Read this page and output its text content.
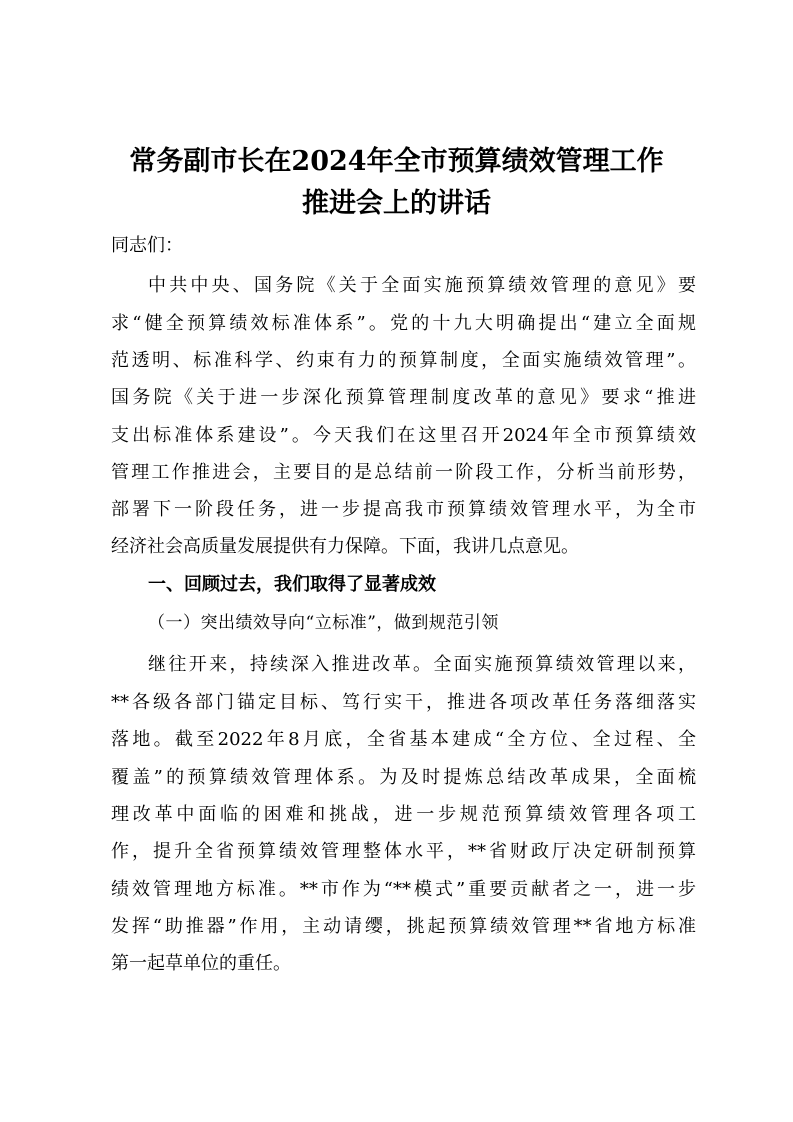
常务副市长在2024年全市预算绩效管理工作
推进会上的讲话
同志们：
中共中央、国务院《关于全面实施预算绩效管理的意见》要
求“健全预算绩效标准体系”。党的十九大明确提出“建立全面规
范透明、标准科学、约束有力的预算制度，全面实施绩效管理”。
国务院《关于进一步深化预算管理制度改革的意见》要求“推进
支出标准体系建设”。今天我们在这里召开2024年全市预算绩效
管理工作推进会，主要目的是总结前一阶段工作，分析当前形势，
部署下一阶段任务，进一步提高我市预算绩效管理水平，为全市
经济社会高质量发展提供有力保障。下面，我讲几点意见。
一、回顾过去，我们取得了显著成效
（一）突出绩效导向“立标准”，做到规范引领
继往开来，持续深入推进改革。全面实施预算绩效管理以来，
**各级各部门锚定目标、笃行实干，推进各项改革任务落细落实
落地。截至2022年8月底，全省基本建成“全方位、全过程、全
覆盖”的预算绩效管理体系。为及时提炼总结改革成果，全面梳
理改革中面临的困难和挑战，进一步规范预算绩效管理各项工
作，提升全省预算绩效管理整体水平，**省财政厅决定研制预算
绩效管理地方标准。**市作为“**模式”重要贡献者之一，进一步
发挥“助推器”作用，主动请缨，挑起预算绩效管理**省地方标准
第一起草单位的重任。
